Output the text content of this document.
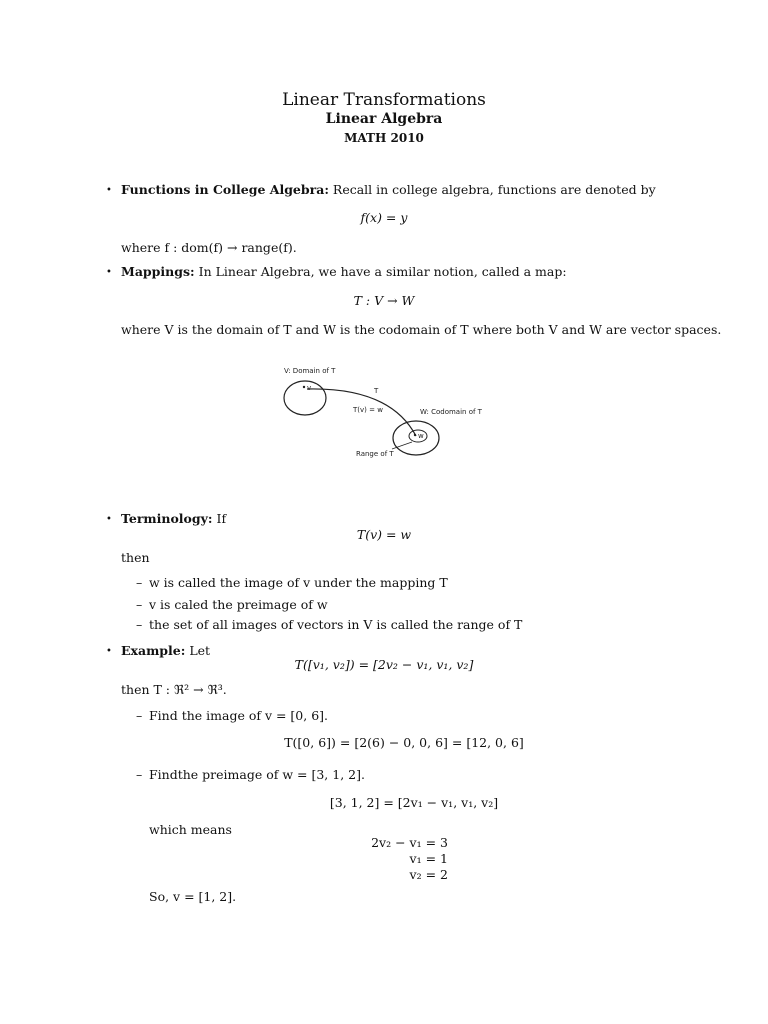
Linear Transformations
Linear Algebra
MATH 2010
• Functions in College Algebra: Recall in college algebra, functions are denoted by
f(x) = y
where f : dom(f) → range(f).
• Mappings: In Linear Algebra, we have a similar notion, called a map:
T : V → W
where V is the domain of T and W is the codomain of T where both V and W are vector spaces.
V: Domain of T
v	T
T(v) = w	W: Codomain of T
w
Range of T
• Terminology: If
T(v) = w
then
– w is called the image of v under the mapping T
– v is caled the preimage of w
– the set of all images of vectors in V is called the range of T
• Example: Let
T([v₁, v₂]) = [2v₂ − v₁, v₁, v₂]
then T : ℜ² → ℜ³.
– Find the image of v = [0, 6].
T([0, 6]) = [2(6) − 0, 0, 6] = [12, 0, 6]
– Findthe preimage of w = [3, 1, 2].
[3, 1, 2] = [2v₁ − v₁, v₁, v₂]
which means
2v₂ − v₁ = 3
v₁ = 1
v₂ = 2
So, v = [1, 2].
